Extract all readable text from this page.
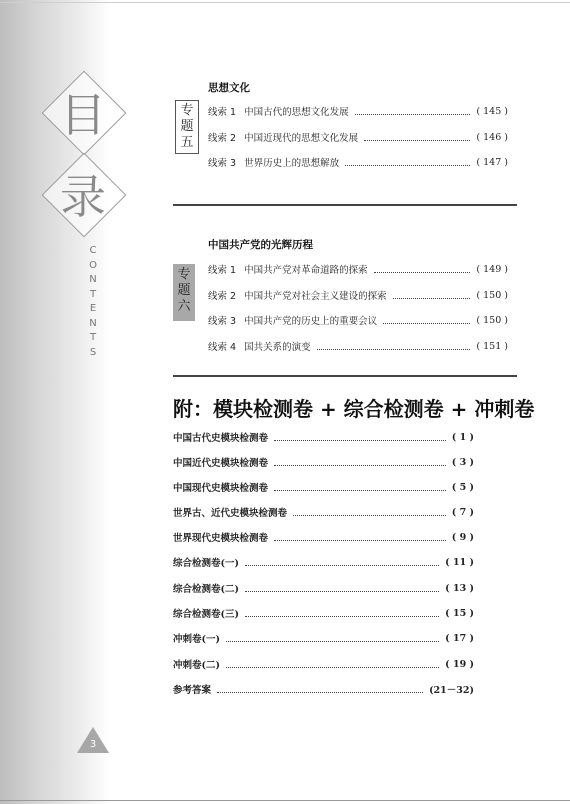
目
录
C
O
N
T
E
N
T
S
思想文化
专
题
五
线索 1 中国古代的思想文化发展	( 145 )
线索 2 中国近现代的思想文化发展	( 146 )
线索 3 世界历史上的思想解放	( 147 )
中国共产党的光辉历程
专
题
六
线索 1 中国共产党对革命道路的探索	( 149 )
线索 2 中国共产党对社会主义建设的探索	( 150 )
线索 3 中国共产党的历史上的重要会议	( 150 )
线索 4 国共关系的演变	( 151 )
附：模块检测卷 + 综合检测卷 + 冲刺卷
中国古代史模块检测卷	( 1 )
中国近代史模块检测卷	( 3 )
中国现代史模块检测卷	( 5 )
世界古、近代史模块检测卷	( 7 )
世界现代史模块检测卷	( 9 )
综合检测卷(一)	( 11 )
综合检测卷(二)	( 13 )
综合检测卷(三)	( 15 )
冲刺卷(一)	( 17 )
冲刺卷(二)	( 19 )
参考答案	(21－32)
3
